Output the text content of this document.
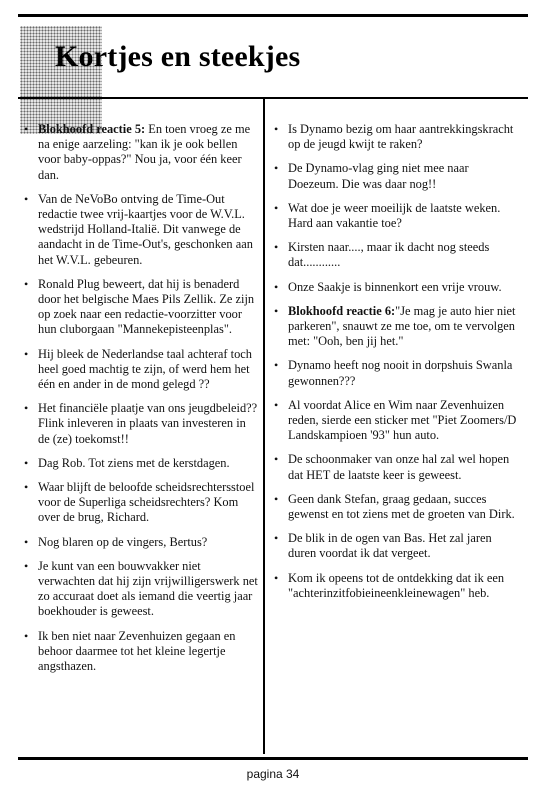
Kortjes en steekjes
• Blokhoofd reactie 5: En toen vroeg ze me na enige aarzeling: "kan ik je ook bellen voor baby-oppas?" Nou ja, voor één keer dan.
• Van de NeVoBo ontving de Time-Out redactie twee vrij-kaartjes voor de W.V.L. wedstrijd Holland-Italië. Dit vanwege de aandacht in de Time-Out's, geschonken aan het W.V.L. gebeuren.
• Ronald Plug beweert, dat hij is benaderd door het belgische Maes Pils Zellik. Ze zijn op zoek naar een redactie-voorzitter voor hun cluborgaan "Mannekepisteenplas".
• Hij bleek de Nederlandse taal achteraf toch heel goed machtig te zijn, of werd hem het één en ander in de mond gelegd ??
• Het financiële plaatje van ons jeugdbeleid?? Flink inleveren in plaats van investeren in de (ze) toekomst!!
• Dag Rob. Tot ziens met de kerstdagen.
• Waar blijft de beloofde scheidsrechtersstoel voor de Superliga scheidsrechters? Kom over de brug, Richard.
• Nog blaren op de vingers, Bertus?
• Je kunt van een bouwvakker niet verwachten dat hij zijn vrijwilligerswerk net zo accuraat doet als iemand die veertig jaar boekhouder is geweest.
• Ik ben niet naar Zevenhuizen gegaan en behoor daarmee tot het kleine legertje angsthazen.
• Is Dynamo bezig om haar aantrekkingskracht op de jeugd kwijt te raken?
• De Dynamo-vlag ging niet mee naar Doezeum. Die was daar nog!!
• Wat doe je weer moeilijk de laatste weken. Hard aan vakantie toe?
• Kirsten naar...., maar ik dacht nog steeds dat............
• Onze Saakje is binnenkort een vrije vrouw.
• Blokhoofd reactie 6:"Je mag je auto hier niet parkeren", snauwt ze me toe, om te vervolgen met: "Ooh, ben jij het."
• Dynamo heeft nog nooit in dorpshuis Swanla gewonnen???
• Al voordat Alice en Wim naar Zevenhuizen reden, sierde een sticker met "Piet Zoomers/D Landskampioen '93" hun auto.
• De schoonmaker van onze hal zal wel hopen dat HET de laatste keer is geweest.
• Geen dank Stefan, graag gedaan, succes gewenst en tot ziens met de groeten van Dirk.
• De blik in de ogen van Bas. Het zal jaren duren voordat ik dat vergeet.
• Kom ik opeens tot de ontdekking dat ik een "achterinzitfobieineenkleinewagen" heb.
pagina 34
